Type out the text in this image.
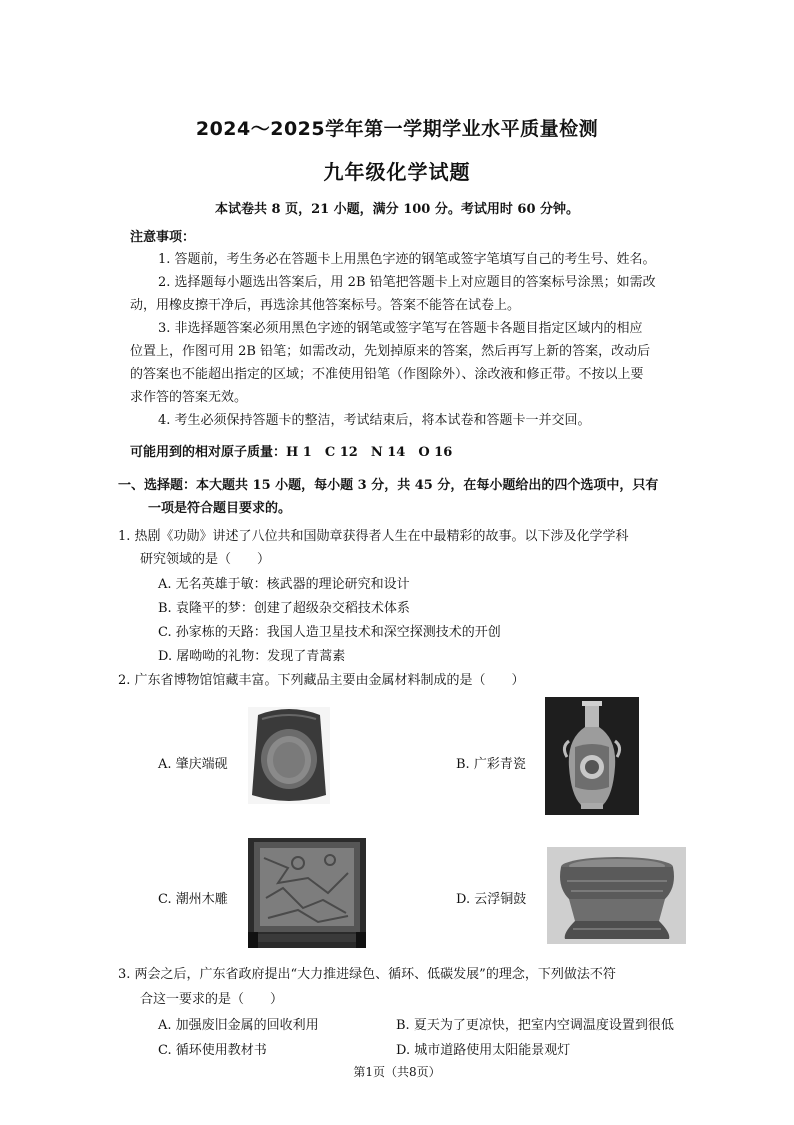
2024～2025学年第一学期学业水平质量检测
九年级化学试题
本试卷共 8 页，21 小题，满分 100 分。考试用时 60 分钟。
注意事项：
1. 答题前，考生务必在答题卡上用黑色字迹的钢笔或签字笔填写自己的考生号、姓名。
2. 选择题每小题选出答案后，用 2B 铅笔把答题卡上对应题目的答案标号涂黑；如需改
动，用橡皮擦干净后，再选涂其他答案标号。答案不能答在试卷上。
3. 非选择题答案必须用黑色字迹的钢笔或签字笔写在答题卡各题目指定区域内的相应
位置上，作图可用 2B 铅笔；如需改动，先划掉原来的答案，然后再写上新的答案，改动后
的答案也不能超出指定的区域；不准使用铅笔（作图除外）、涂改液和修正带。不按以上要
求作答的答案无效。
4. 考生必须保持答题卡的整洁，考试结束后，将本试卷和答题卡一并交回。
可能用到的相对原子质量：H 1　C 12　N 14　O 16
一、选择题：本大题共 15 小题，每小题 3 分，共 45 分，在每小题给出的四个选项中，只有
一项是符合题目要求的。
1. 热剧《功勋》讲述了八位共和国勋章获得者人生在中最精彩的故事。以下涉及化学学科
研究领域的是（　　）
A. 无名英雄于敏：核武器的理论研究和设计
B. 袁隆平的梦：创建了超级杂交稻技术体系
C. 孙家栋的天路：我国人造卫星技术和深空探测技术的开创
D. 屠呦呦的礼物：发现了青蒿素
2. 广东省博物馆馆藏丰富。下列藏品主要由金属材料制成的是（　　）
A. 肇庆端砚	B. 广彩青瓷
C. 潮州木雕	D. 云浮铜鼓
3. 两会之后，广东省政府提出“大力推进绿色、循环、低碳发展”的理念，下列做法不符
合这一要求的是（　　）
A. 加强废旧金属的回收利用	B. 夏天为了更凉快，把室内空调温度设置到很低
C. 循环使用教材书	D. 城市道路使用太阳能景观灯
第1页（共8页）
